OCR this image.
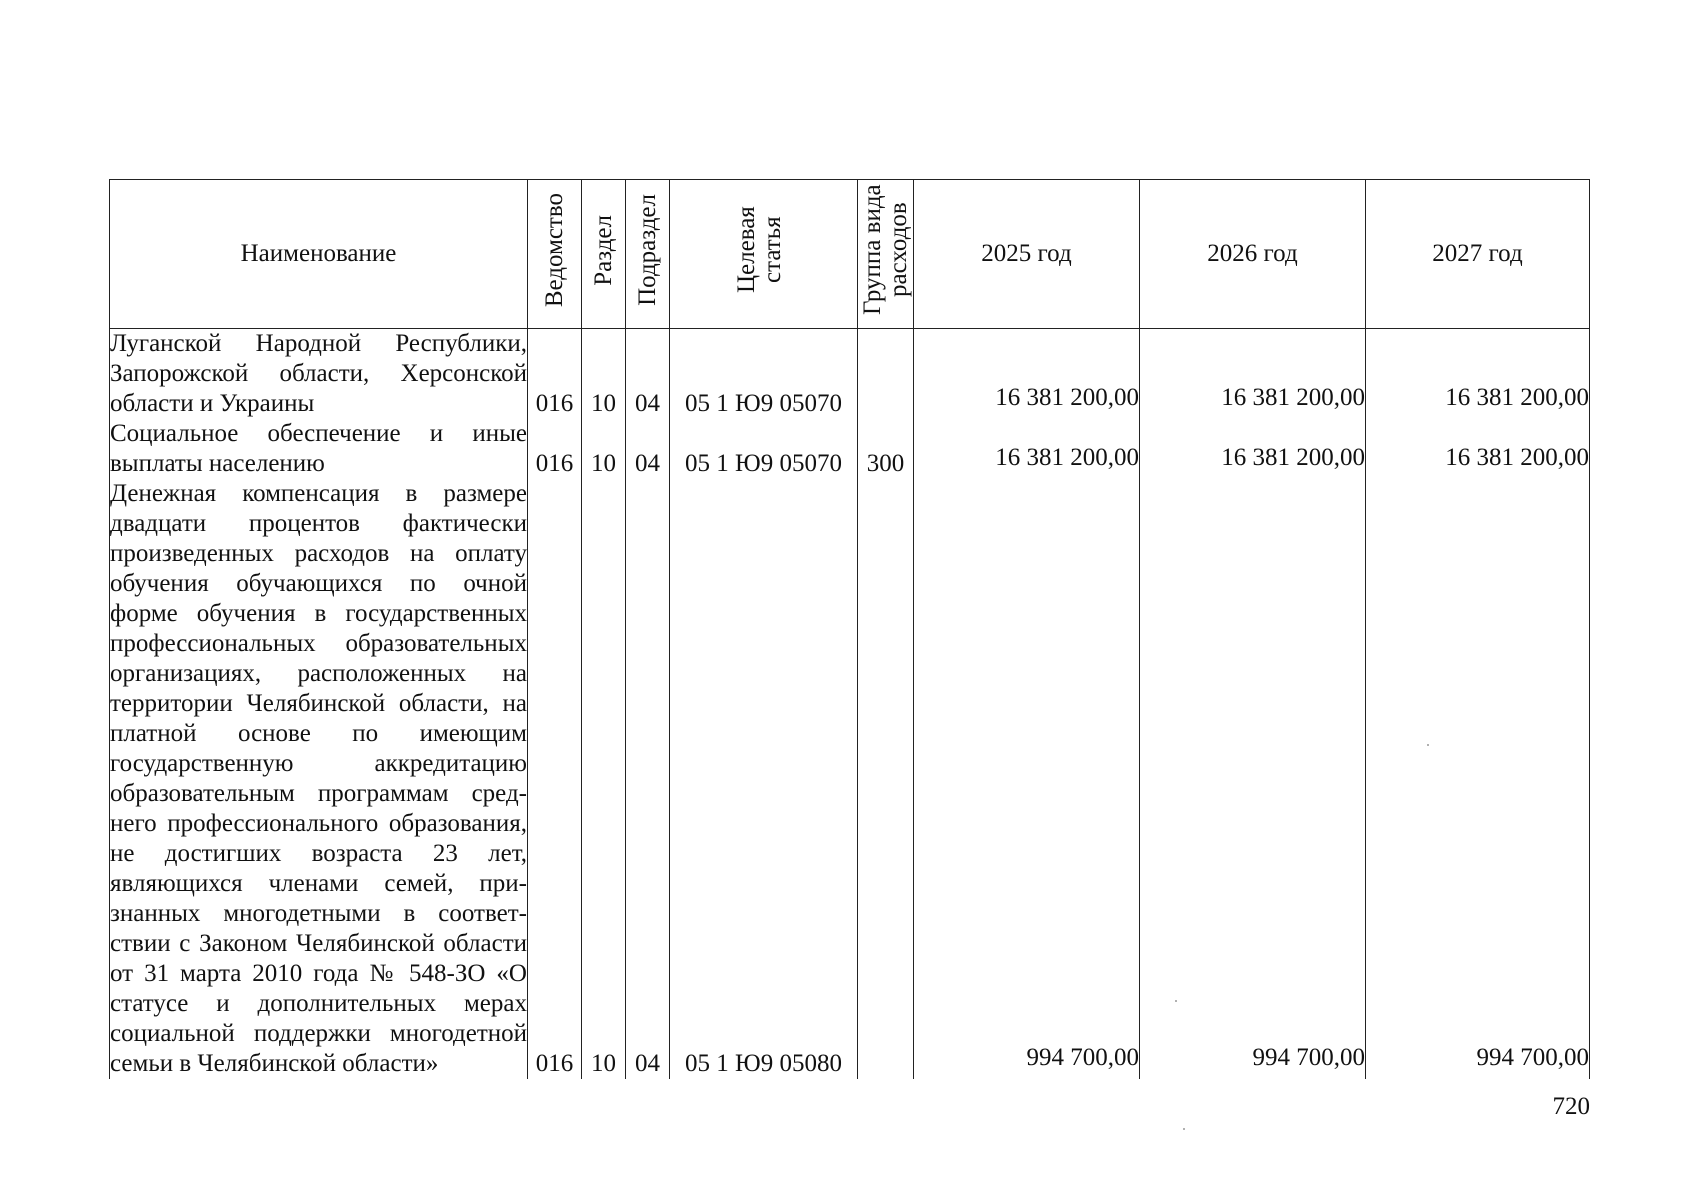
Наименование	Ведомство	Раздел	Подраздел	Целевая статья	Группа вида расходов	2025 год	2026 год	2027 год
Луганской Народной Республики, Запорожской области, Херсонской области и Украины	016	10	04	05 1 Ю9 05070		16 381 200,00	16 381 200,00	16 381 200,00
Социальное обеспечение и иные выплаты населению	016	10	04	05 1 Ю9 05070	300	16 381 200,00	16 381 200,00	16 381 200,00
Денежная компенсация в размере двадцати процентов фактически произведенных расходов на оплату обучения обучающихся по очной форме обучения в государственных профессиональных образовательных организациях, расположенных на территории Челябинской области, на платной основе по имеющим государственную аккредитацию образовательным программам среднего профессионального образования, не достигших возраста 23 лет, являющихся членами семей, признанных многодетными в соответствии с Законом Челябинской области от 31 марта 2010 года № 548-ЗО «О статусе и дополнительных мерах социальной поддержки многодетной семьи в Челябинской области»	016	10	04	05 1 Ю9 05080		994 700,00	994 700,00	994 700,00
720
